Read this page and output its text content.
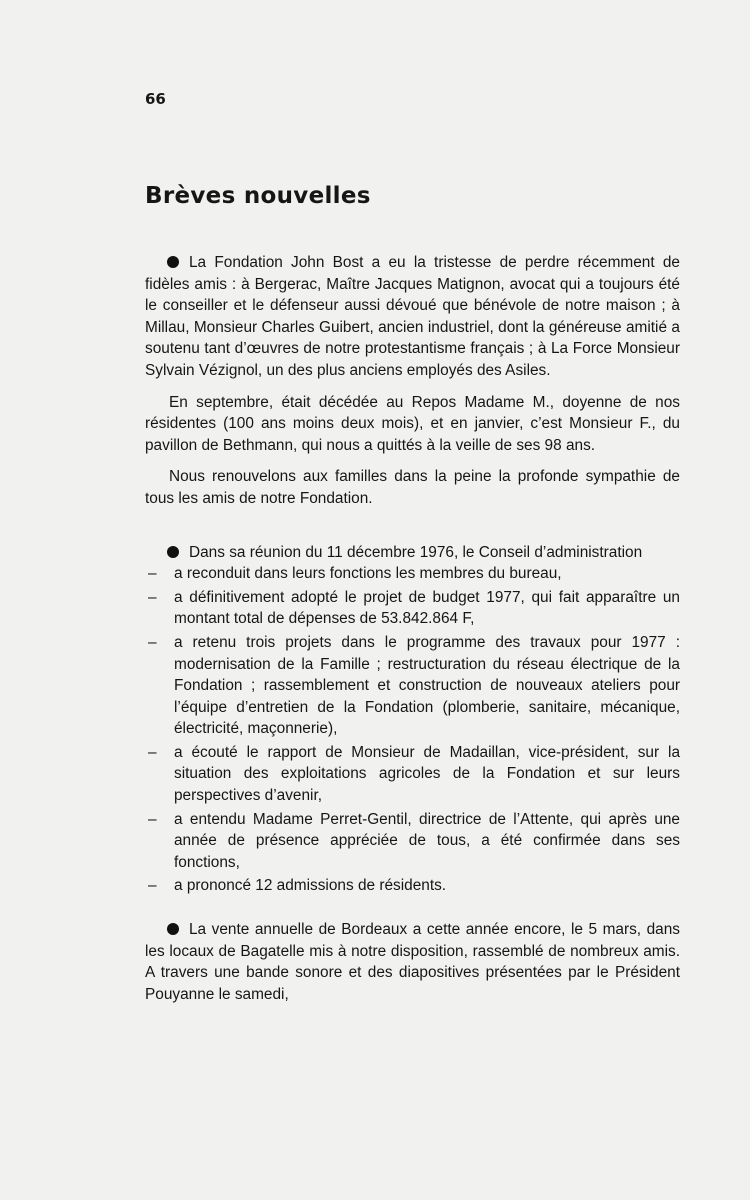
66
Brèves nouvelles

La Fondation John Bost a eu la tristesse de perdre récemment de fidèles amis : à Bergerac, Maître Jacques Matignon, avocat qui a toujours été le conseiller et le défenseur aussi dévoué que bénévole de notre maison ; à Millau, Monsieur Charles Guibert, ancien industriel, dont la généreuse amitié a soutenu tant d’œuvres de notre protestantisme français ; à La Force Monsieur Sylvain Vézignol, un des plus anciens employés des Asiles.

En septembre, était décédée au Repos Madame M., doyenne de nos résidentes (100 ans moins deux mois), et en janvier, c’est Monsieur F., du pavillon de Bethmann, qui nous a quittés à la veille de ses 98 ans.

Nous renouvelons aux familles dans la peine la profonde sympathie de tous les amis de notre Fondation.

Dans sa réunion du 11 décembre 1976, le Conseil d’administration

– a reconduit dans leurs fonctions les membres du bureau,
– a définitivement adopté le projet de budget 1977, qui fait apparaître un montant total de dépenses de 53.842.864 F,
– a retenu trois projets dans le programme des travaux pour 1977 : modernisation de la Famille ; restructuration du réseau électrique de la Fondation ; rassemblement et construction de nouveaux ateliers pour l’équipe d’entretien de la Fondation (plomberie, sanitaire, mécanique, électricité, maçonnerie),
– a écouté le rapport de Monsieur de Madaillan, vice-président, sur la situation des exploitations agricoles de la Fondation et sur leurs perspectives d’avenir,
– a entendu Madame Perret-Gentil, directrice de l’Attente, qui après une année de présence appréciée de tous, a été confirmée dans ses fonctions,
– a prononcé 12 admissions de résidents.

La vente annuelle de Bordeaux a cette année encore, le 5 mars, dans les locaux de Bagatelle mis à notre disposition, rassemblé de nombreux amis. A travers une bande sonore et des diapositives présentées par le Président Pouyanne le samedi,
